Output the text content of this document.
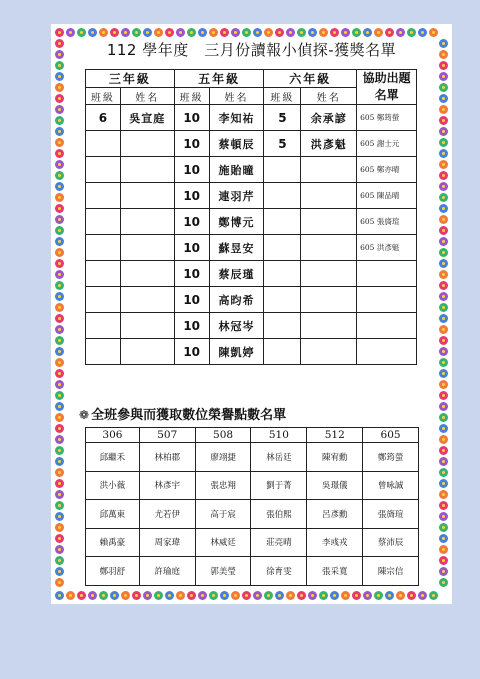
112 學年度　三月份讀報小偵探-獲獎名單
三年級		五年級		六年級		協助出題名單
班級	姓名	班級	姓名	班級	姓名	
6	吳宣庭	10	李知祐	5	余承諺	605 鄭筠螢
		10	蔡頓辰	5	洪彥魁	605 謝士元
		10	施貽曈			605 鄭亦晴
		10	連羽芹			605 陳品晴
		10	鄭博元			605 張旖瑄
		10	蘇昱安			605 洪彥魁
		10	蔡辰瑾			
		10	高昀希			
		10	林冠岑			
		10	陳凱婷			
❁ 全班參與而獲取數位榮譽點數名單
306	507	508	510	512	605
邱繼禾	林柏郡	廖翊捷	林岳廷	陳宥勳	鄭筠螢
洪小薇	林彥宇	張忠翔	劉于菁	吳璟儀	曾咏誠
邱萬東	尤若伊	高于宸	張伯熙	呂彥勳	張旖瑄
賴禹豪	周家瑋	林威廷	莊亮晴	李彧戎	蔡沛辰
鄭羽舒	許瑜庭	郭美瑩	徐育雯	張采寬	陳宗信
